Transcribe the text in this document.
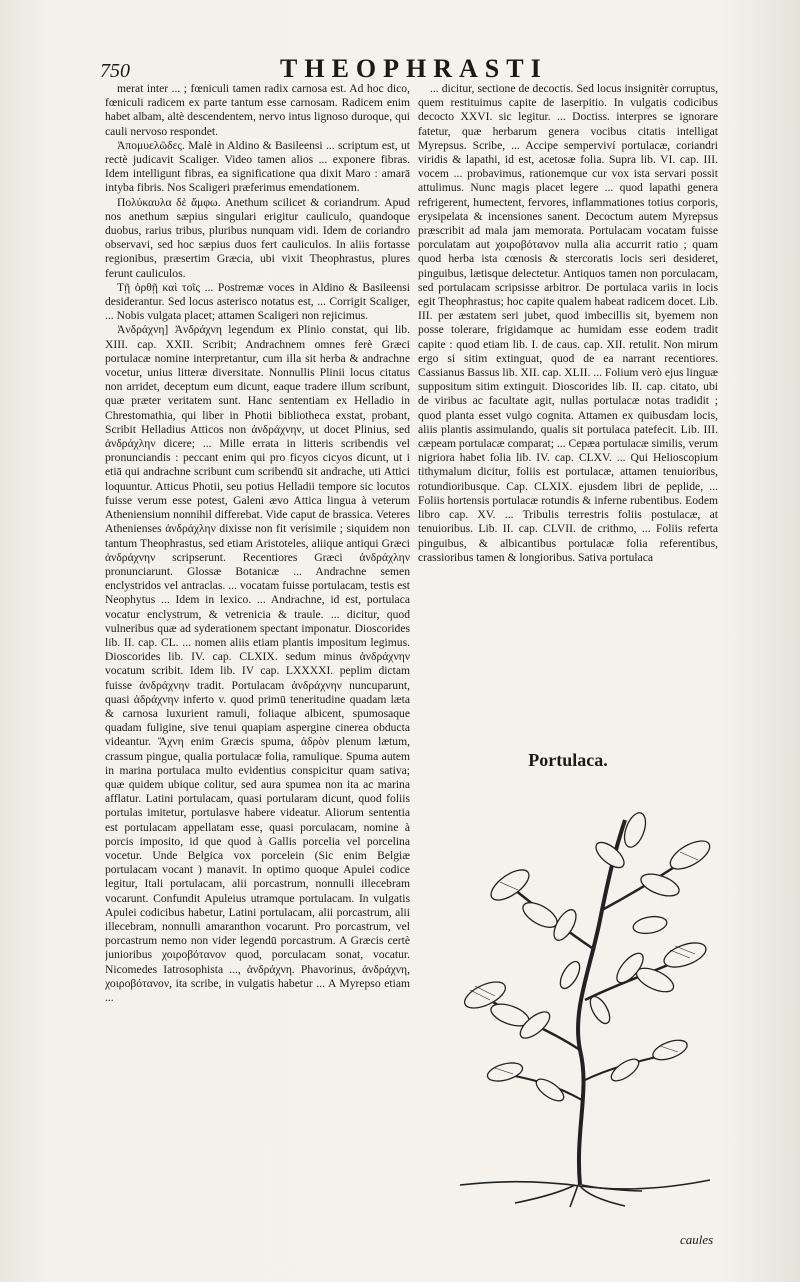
750	THEOPHRASTI

merat inter ... ; fœniculi tamen radix carnosa est. Ad hoc dico, fœniculi radicem ex parte tantum esse carnosam. Radicem enim habet albam, altè descendentem, nervo intus lignoso duroque, qui cauli nervoso respondet.

Ἀπομυελῶδες. Malè in Aldino & Basileensi ... scriptum est, ut rectè judicavit Scaliger. Video tamen alios ... exponere fibras. Idem intelligunt fibras, ea significatione qua dixit Maro : amarā intyba fibris. Nos Scaligeri præferimus emendationem.

Πολύκαυλα δὲ ἄμφω. Anethum scilicet & coriandrum. Apud nos anethum sæpius singulari erigitur cauliculo, quandoque duobus, rarius tribus, pluribus nunquam vidi. Idem de coriandro observavi, sed hoc sæpius duos fert cauliculos. In aliis fortasse regionibus, præsertim Græcia, ubi vixit Theophrastus, plures ferunt cauliculos.

Τῇ ὀρθῇ καὶ τοῖς ... Postremæ voces in Aldino & Basileensi desiderantur. Sed locus asterisco notatus est, ... Corrigit Scaliger, ... Nobis vulgata placet; attamen Scaligeri non rejicimus.

Ἀνδράχνη] Ἀνδράχνη legendum ex Plinio constat, qui lib. XIII. cap. XXII. Scribit; Andrachnem omnes ferè Græci portulacæ nomine interpretantur, cum illa sit herba & andrachne vocetur, unius litteræ diversitate. Nonnullis Plinii locus citatus non arridet, deceptum eum dicunt, eaque tradere illum scribunt, quæ præter veritatem sunt. Hanc sententiam ex Helladio in Chrestomathia, qui liber in Photii bibliotheca exstat, probant, Scribit Helladius Atticos non ἀνδράχνην, ut docet Plinius, sed ἀνδράχλην dicere; ... Mille errata in litteris scribendis vel pronunciandis : peccant enim qui pro ficyos cicyos dicunt, ut i etiā qui andrachne scribunt cum scribendū sit andrache, uti Attici loquuntur. Atticus Photii, seu potius Helladii tempore sic locutos fuisse verum esse potest, Galeni ævo Attica lingua à veterum Atheniensium nonnihil differebat. Vide caput de brassica. Veteres Athenienses ἀνδράχλην dixisse non fit verisimile ; siquidem non tantum Theophrastus, sed etiam Aristoteles, aliique antiqui Græci ἀνδράχνην scripserunt. Recentiores Græci ἀνδράχλην pronunciarunt. Glossæ Botanicæ ... Andrachne semen enclystridos vel antraclas. ... vocatam fuisse portulacam, testis est Neophytus ... Idem in lexico. ... Andrachne, id est, portulaca vocatur enclystrum, & vetrenicia & traule. ... dicitur, quod vulneribus quæ ad syderationem spectant imponatur. Dioscorides lib. II. cap. CL. ... nomen aliis etiam plantis impositum legimus. Dioscorides lib. IV. cap. CLXIX. sedum minus ἀνδράχνην vocatum scribit. Idem lib. IV cap. LXXXXI. peplim dictam fuisse ἀνδράχνην tradit. Portulacam ἀνδράχνην nuncuparunt, quasi ἀδράχνην inferto v. quod primū teneritudine quadam læta & carnosa luxurient ramuli, foliaque albicent, spumosaque quadam fuligine, sive tenui quapiam aspergine cinerea obducta videantur. Ἄχνη enim Græcis spuma, ἁδρὸν plenum lætum, crassum pingue, qualia portulacæ folia, ramulique. Spuma autem in marina portulaca multo evidentius conspicitur quam sativa; quæ quidem ubique colitur, sed aura spumea non ita ac marina afflatur. Latini portulacam, quasi portularam dicunt, quod foliis portulas imitetur, portulasve habere videatur. Aliorum sententia est portulacam appellatam esse, quasi porculacam, nomine à porcis imposito, id que quod à Gallis porcelia vel porcelina vocetur. Unde Belgica vox porcelein (Sic enim Belgiæ portulacam vocant ) manavit. In optimo quoque Apulei codice legitur, Itali portulacam, alii porcastrum, nonnulli illecebram vocarunt. Confundit Apuleius utramque portulacam. In vulgatis Apulei codicibus habetur, Latini portulacam, alii porcastrum, alii illecebram, nonnulli amaranthon vocarunt. Pro porcastrum, vel porcastrum nemo non vider legendū porcastrum. A Græcis certè junioribus χοιροβότανον quod, porculacam sonat, vocatur. Nicomedes Iatrosophista ..., ἀνδράχνη. Phavorinus, ἀνδράχνη, χοιροβότανον, ita scribe, in vulgatis habetur ... A Myrepso etiam ...

... dicitur, sectione de decoctis. Sed locus insignitèr corruptus, quem restituimus capite de laserpitio. In vulgatis codicibus decocto XXVI. sic legitur. ... Doctiss. interpres se ignorare fatetur, quæ herbarum genera vocibus citatis intelligat Myrepsus. Scribe, ... Accipe semperviví portulacæ, coriandri viridis & lapathi, id est, acetosæ folia. Supra lib. VI. cap. III. vocem ... probavimus, rationemque cur vox ista servari possit attulimus. Nunc magis placet legere ... quod lapathi genera refrigerent, humectent, fervores, inflammationes totius corporis, erysipelata & incensiones sanent. Decoctum autem Myrepsus præscribit ad mala jam memorata. Portulacam vocatam fuisse porculatam aut χοιροβότανον nulla alia accurrit ratio ; quam quod herba ista cœnosis & stercoratis locis seri desideret, pinguibus, lætisque delectetur. Antiquos tamen non porculacam, sed portulacam scripsisse arbitror. De portulaca variis in locis egit Theophrastus; hoc capite qualem habeat radicem docet. Lib. III. per æstatem seri jubet, quod imbecillis sit, byemem non posse tolerare, frigidamque ac humidam esse eodem tradit capite : quod etiam lib. I. de caus. cap. XII. retulit. Non mirum ergo si sitim extinguat, quod de ea narrant recentiores. Cassianus Bassus lib. XII. cap. XLII. ... Folium verò ejus linguæ suppositum sitim extinguit. Dioscorides lib. II. cap. citato, ubi de viribus ac facultate agit, nullas portulacæ notas tradidit ; quod planta esset vulgo cognita. Attamen ex quibusdam locis, aliis plantis assimulando, qualis sit portulaca patefecit. Lib. III. cæpeam portulacæ comparat; ... Cepæa portulacæ similis, verum nigriora habet folia lib. IV. cap. CLXV. ... Qui Helioscopium tithymalum dicitur, foliis est portulacæ, attamen tenuioribus, rotundioribusque. Cap. CLXIX. ejusdem libri de peplide, ... Foliis hortensis portulacæ rotundis & inferne rubentibus. Eodem libro cap. XV. ... Tribulis terrestris foliis postulacæ, at tenuioribus. Lib. II. cap. CLVII. de crithmo, ... Foliis referta pinguibus, & albicantibus portulacæ folia referentibus, crassioribus tamen & longioribus. Sativa portulaca

Portulaca.
caules
